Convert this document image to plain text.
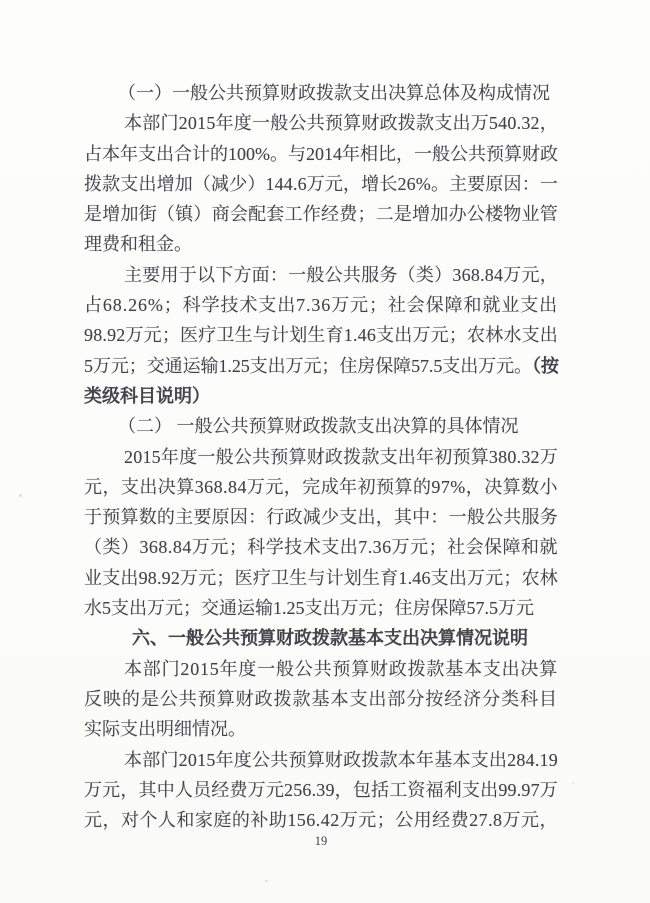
（一）一般公共预算财政拨款支出决算总体及构成情况
本部门2015年度一般公共预算财政拨款支出万540.32，
占本年支出合计的100%。与2014年相比，一般公共预算财政
拨款支出增加（减少）144.6万元，增长26%。主要原因：一
是增加街（镇）商会配套工作经费；二是增加办公楼物业管
理费和租金。
主要用于以下方面：一般公共服务（类）368.84万元，
占68.26%；科学技术支出7.36万元；社会保障和就业支出
98.92万元；医疗卫生与计划生育1.46支出万元；农林水支出
5万元；交通运输1.25支出万元；住房保障57.5支出万元。（按
类级科目说明）
（二） 一般公共预算财政拨款支出决算的具体情况
2015年度一般公共预算财政拨款支出年初预算380.32万
元，支出决算368.84万元，完成年初预算的97%，决算数小
于预算数的主要原因：行政减少支出，其中：一般公共服务
（类）368.84万元；科学技术支出7.36万元；社会保障和就
业支出98.92万元；医疗卫生与计划生育1.46支出万元；农林
水5支出万元；交通运输1.25支出万元；住房保障57.5万元
六、一般公共预算财政拨款基本支出决算情况说明
本部门2015年度一般公共预算财政拨款基本支出决算
反映的是公共预算财政拨款基本支出部分按经济分类科目
实际支出明细情况。
本部门2015年度公共预算财政拨款本年基本支出284.19
万元，其中人员经费万元256.39，包括工资福利支出99.97万
元，对个人和家庭的补助156.42万元；公用经费27.8万元，
19
